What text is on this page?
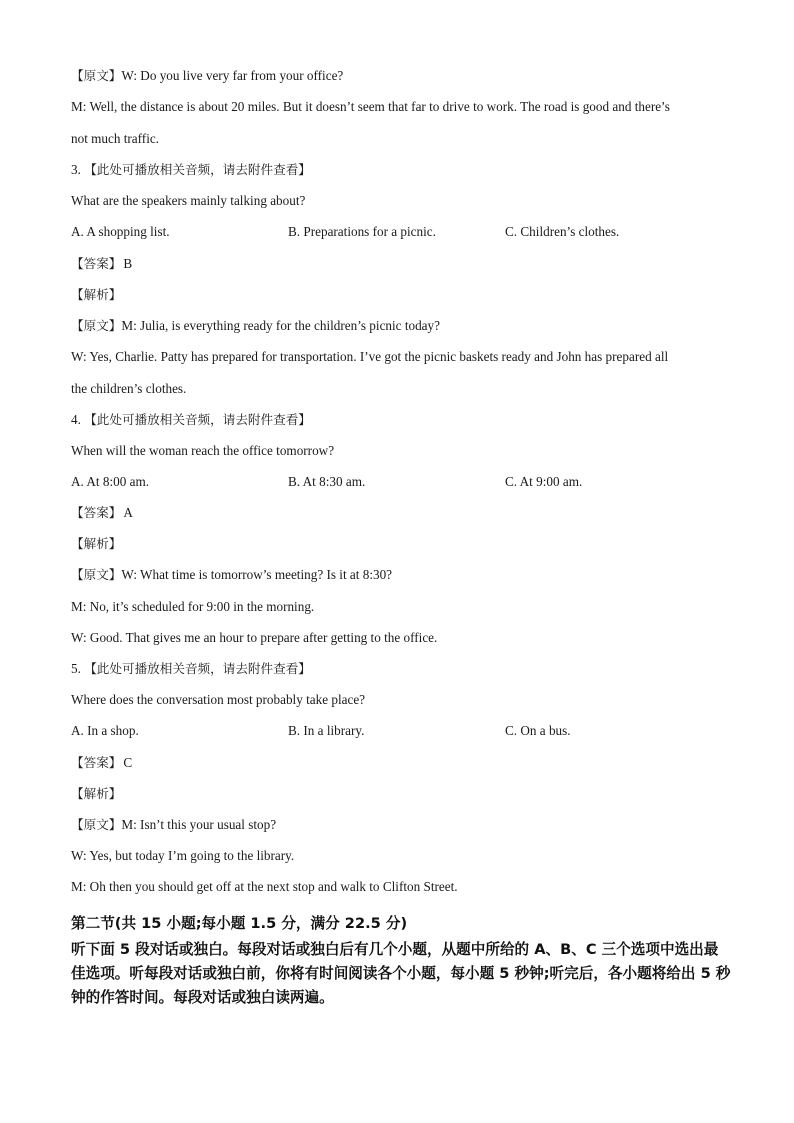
【原文】W: Do you live very far from your office?
M: Well, the distance is about 20 miles. But it doesn’t seem that far to drive to work. The road is good and there’s
not much traffic.
3. 【此处可播放相关音频，请去附件查看】
What are the speakers mainly talking about?
A. A shopping list.	B. Preparations for a picnic.	C. Children’s clothes.
【答案】 B
【解析】
【原文】M: Julia, is everything ready for the children’s picnic today?
W: Yes, Charlie. Patty has prepared for transportation. I’ve got the picnic baskets ready and John has prepared all
the children’s clothes.
4. 【此处可播放相关音频，请去附件查看】
When will the woman reach the office tomorrow?
A. At 8:00 am.	B. At 8:30 am.	C. At 9:00 am.
【答案】 A
【解析】
【原文】W: What time is tomorrow’s meeting? Is it at 8:30?
M: No, it’s scheduled for 9:00 in the morning.
W: Good. That gives me an hour to prepare after getting to the office.
5. 【此处可播放相关音频，请去附件查看】
Where does the conversation most probably take place?
A. In a shop.	B. In a library.	C. On a bus.
【答案】 C
【解析】
【原文】M: Isn’t this your usual stop?
W: Yes, but today I’m going to the library.
M: Oh then you should get off at the next stop and walk to Clifton Street.
第二节(共 15 小题;每小题 1.5 分，满分 22.5 分)
听下面 5 段对话或独白。每段对话或独白后有几个小题，从题中所给的 A、B、C 三个选项中选出最佳选项。听每段对话或独白前，你将有时间阅读各个小题，每小题 5 秒钟;听完后，各小题将给出 5 秒钟的作答时间。每段对话或独白读两遍。
